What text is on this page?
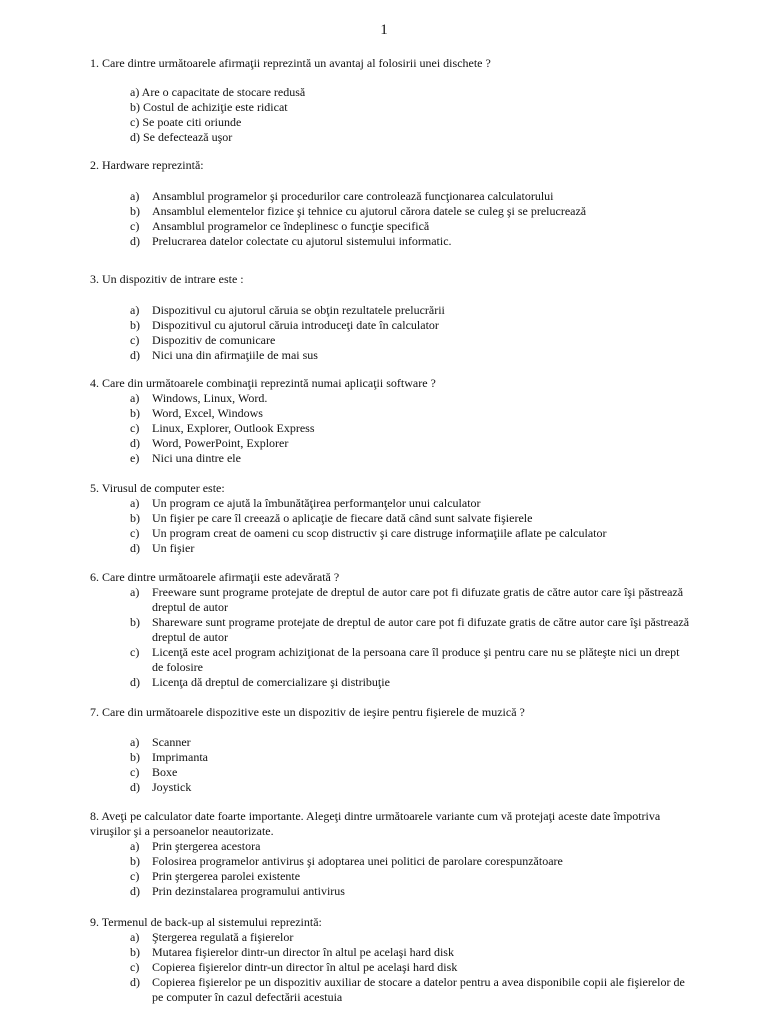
1
1. Care dintre următoarele afirmaţii reprezintă un avantaj al folosirii unei dischete ?
a) Are o capacitate de stocare redusă
b) Costul de achiziţie este ridicat
c) Se poate citi oriunde
d) Se defectează uşor
2. Hardware reprezintă:
a) Ansamblul programelor şi procedurilor care controlează funcţionarea calculatorului
b) Ansamblul elementelor fizice şi tehnice cu ajutorul cărora datele se culeg şi se prelucrează
c) Ansamblul programelor ce îndeplinesc o funcţie specifică
d) Prelucrarea datelor colectate cu ajutorul sistemului informatic.
3. Un dispozitiv de intrare este :
a) Dispozitivul cu ajutorul căruia se obţin rezultatele prelucrării
b) Dispozitivul cu ajutorul căruia introduceţi date în calculator
c) Dispozitiv de comunicare
d) Nici una din afirmaţiile de mai sus
4. Care din următoarele combinaţii reprezintă numai aplicaţii software ?
a) Windows, Linux, Word.
b) Word, Excel, Windows
c) Linux, Explorer, Outlook Express
d) Word, PowerPoint, Explorer
e) Nici una dintre ele
5. Virusul de computer este:
a) Un program ce ajută la îmbunătăţirea performanţelor unui calculator
b) Un fişier pe care îl creează o aplicaţie de fiecare dată când sunt salvate fişierele
c) Un program creat de oameni cu scop distructiv şi care distruge informaţiile aflate pe calculator
d) Un fişier
6. Care dintre următoarele afirmaţii este adevărată ?
a) Freeware sunt programe protejate de dreptul de autor care pot fi difuzate gratis de către autor care îşi păstrează dreptul de autor
b) Shareware sunt programe protejate de dreptul de autor care pot fi difuzate gratis de către autor care îşi păstrează dreptul de autor
c) Licenţă este acel program achiziţionat de la persoana care îl produce şi pentru care nu se plăteşte nici un drept de folosire
d) Licenţa dă dreptul de comercializare şi distribuţie
7. Care din următoarele dispozitive este un dispozitiv de ieşire pentru fişierele de muzică ?
a) Scanner
b) Imprimanta
c) Boxe
d) Joystick
8. Aveţi pe calculator date foarte importante. Alegeţi dintre următoarele variante cum vă protejaţi aceste date împotriva viruşilor şi a persoanelor neautorizate.
a) Prin ştergerea acestora
b) Folosirea programelor antivirus şi adoptarea unei politici de parolare corespunzătoare
c) Prin ştergerea parolei existente
d) Prin dezinstalarea programului antivirus
9. Termenul de back-up al sistemului reprezintă:
a) Ştergerea regulată a fişierelor
b) Mutarea fişierelor dintr-un director în altul pe acelaşi hard disk
c) Copierea fişierelor dintr-un director în altul pe acelaşi hard disk
d) Copierea fişierelor pe un dispozitiv auxiliar de stocare a datelor pentru a avea disponibile copii ale fişierelor de pe computer în cazul defectării acestuia
